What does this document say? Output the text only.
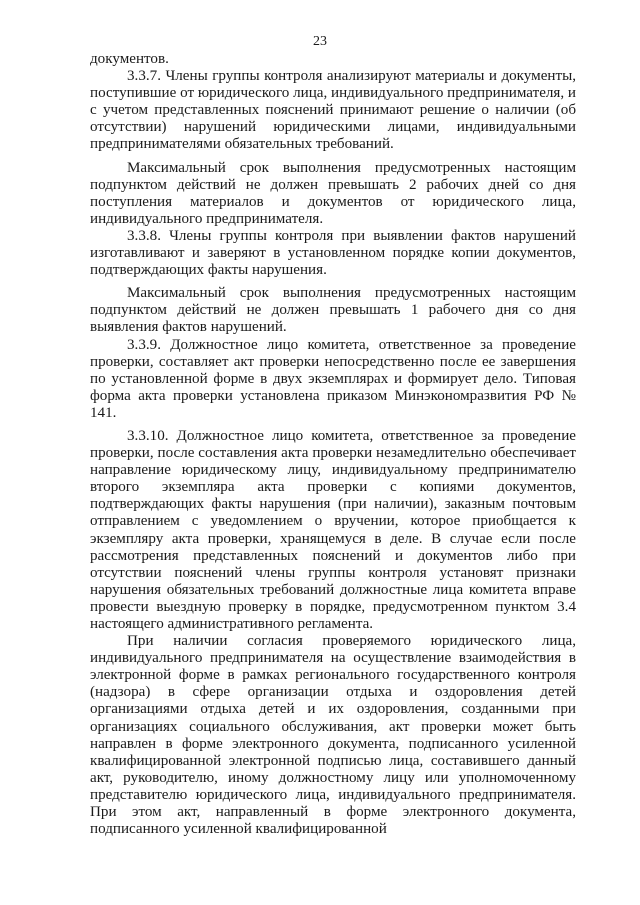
23

документов.

3.3.7. Члены группы контроля анализируют материалы и документы, поступившие от юридического лица, индивидуального предпринимателя, и с учетом представленных пояснений принимают решение о наличии (об отсутствии) нарушений юридическими лицами, индивидуальными предпринимателями обязательных требований.

Максимальный срок выполнения предусмотренных настоящим подпунктом действий не должен превышать 2 рабочих дней со дня поступления материалов и документов от юридического лица, индивидуального предпринимателя.

3.3.8. Члены группы контроля при выявлении фактов нарушений изготавливают и заверяют в установленном порядке копии документов, подтверждающих факты нарушения.

Максимальный срок выполнения предусмотренных настоящим подпунктом действий не должен превышать 1 рабочего дня со дня выявления фактов нарушений.

3.3.9. Должностное лицо комитета, ответственное за проведение проверки, составляет акт проверки непосредственно после ее завершения по установленной форме в двух экземплярах и формирует дело. Типовая форма акта проверки установлена приказом Минэкономразвития РФ № 141.

3.3.10. Должностное лицо комитета, ответственное за проведение проверки, после составления акта проверки незамедлительно обеспечивает направление юридическому лицу, индивидуальному предпринимателю второго экземпляра акта проверки с копиями документов, подтверждающих факты нарушения (при наличии), заказным почтовым отправлением с уведомлением о вручении, которое приобщается к экземпляру акта проверки, хранящемуся в деле. В случае если после рассмотрения представленных пояснений и документов либо при отсутствии пояснений члены группы контроля установят признаки нарушения обязательных требований должностные лица комитета вправе провести выездную проверку в порядке, предусмотренном пунктом 3.4 настоящего административного регламента.

При наличии согласия проверяемого юридического лица, индивидуального предпринимателя на осуществление взаимодействия в электронной форме в рамках регионального государственного контроля (надзора) в сфере организации отдыха и оздоровления детей организациями отдыха детей и их оздоровления, созданными при организациях социального обслуживания, акт проверки может быть направлен в форме электронного документа, подписанного усиленной квалифицированной электронной подписью лица, составившего данный акт, руководителю, иному должностному лицу или уполномоченному представителю юридического лица, индивидуального предпринимателя. При этом акт, направленный в форме электронного документа, подписанного усиленной квалифицированной
